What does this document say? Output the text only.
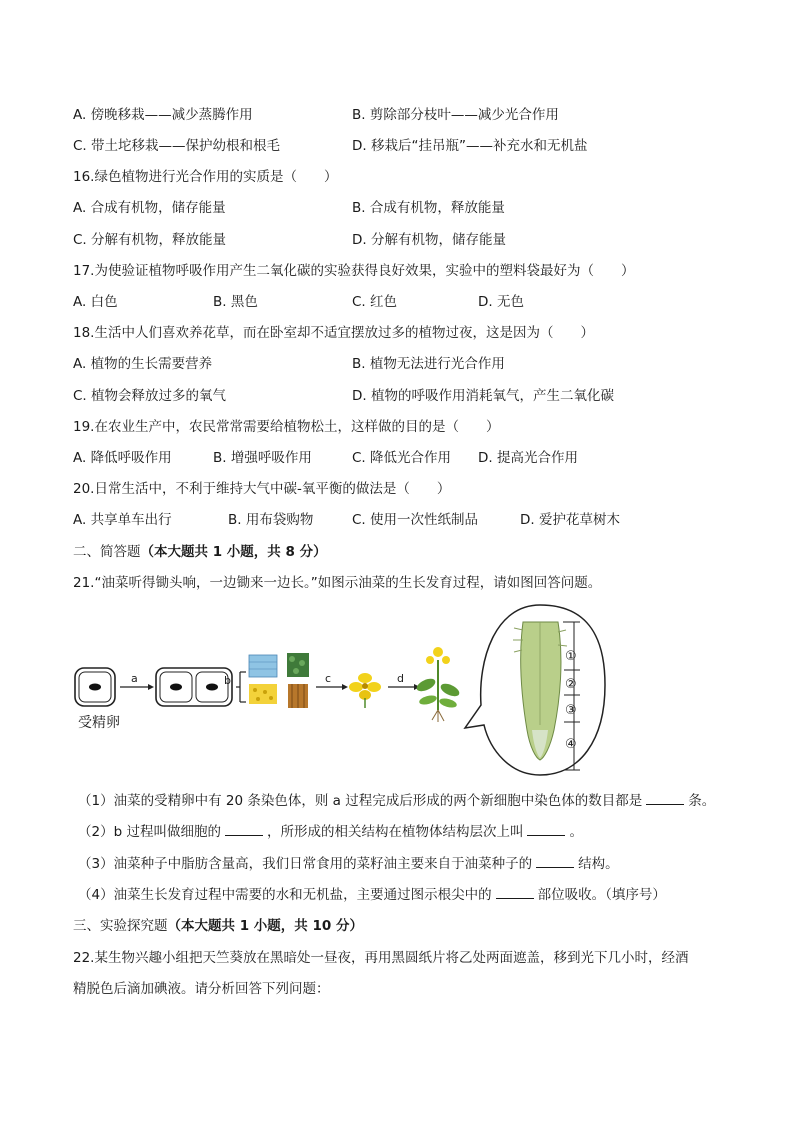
A. 傍晚移栽——减少蒸腾作用	B. 剪除部分枝叶——减少光合作用
C. 带土坨移栽——保护幼根和根毛	D. 移栽后“挂吊瓶”——补充水和无机盐
16.绿色植物进行光合作用的实质是（　　）
A. 合成有机物，储存能量	B. 合成有机物，释放能量
C. 分解有机物，释放能量	D. 分解有机物，储存能量
17.为使验证植物呼吸作用产生二氧化碳的实验获得良好效果，实验中的塑料袋最好为（　　）
A. 白色	B. 黑色	C. 红色	D. 无色
18.生活中人们喜欢养花草，而在卧室却不适宜摆放过多的植物过夜，这是因为（　　）
A. 植物的生长需要营养	B. 植物无法进行光合作用
C. 植物会释放过多的氧气	D. 植物的呼吸作用消耗氧气，产生二氧化碳
19.在农业生产中，农民常常需要给植物松土，这样做的目的是（　　）
A. 降低呼吸作用	B. 增强呼吸作用	C. 降低光合作用 D. 提高光合作用
20.日常生活中，不利于维持大气中碳-氧平衡的做法是（　　）
A. 共享单车出行	B. 用布袋购物	C. 使用一次性纸制品	D. 爱护花草树木
二、简答题（本大题共 1 小题，共 8 分）
21.“油菜听得锄头响，一边锄来一边长。”如图示油菜的生长发育过程，请如图回答问题。
受精卵
a	b	c	d
①
②
③
④
（1）油菜的受精卵中有 20 条染色体，则 a 过程完成后形成的两个新细胞中染色体的数目都是	条。
（2）b 过程叫做细胞的	，所形成的相关结构在植物体结构层次上叫	。
（3）油菜种子中脂肪含量高，我们日常食用的菜籽油主要来自于油菜种子的	结构。
（4）油菜生长发育过程中需要的水和无机盐，主要通过图示根尖中的	部位吸收。（填序号）
三、实验探究题（本大题共 1 小题，共 10 分）
22.某生物兴趣小组把天竺葵放在黑暗处一昼夜，再用黑圆纸片将乙处两面遮盖，移到光下几小时，经酒
精脱色后滴加碘液。请分析回答下列问题：
